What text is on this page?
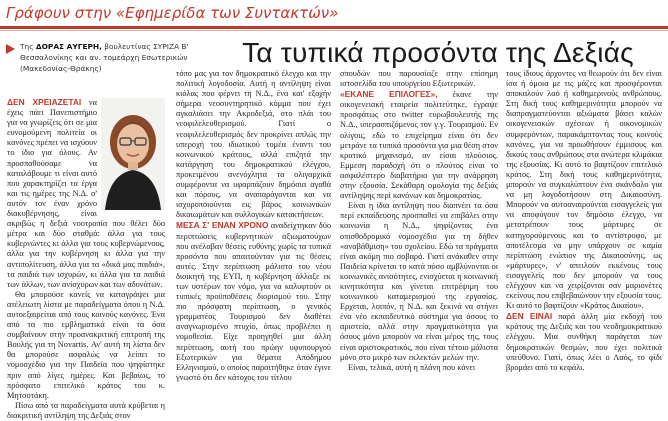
Γράφουν στην «Εφημερίδα των Συντακτών»
Της ΔΟΡΑΣ ΑΥΓΕΡΗ, βουλευτίνας ΣΥΡΙΖΑ Β' Θεσσαλονίκης και αν. τομεάρχη Εσωτερικών (Μακεδονίας-Θράκης)
Τα τυπικά προσόντα της Δεξιάς

ΔΕΝ ΧΡΕΙΑΖΕΤΑΙ να έχεις πάει Πανεπιστήμιο για να γνωρίζεις ότι σε μια ευνομούμενη πολιτεία οι κανόνες πρέπει να ισχύουν το ίδιο για όλους. Αν προσπαθούσαμε να καταλάβουμε τι είναι αυτό που χαρακτηρίζει τα έργα και τις ημέρες της Ν.Δ. σ' αυτόν τον έναν χρόνο διακυβέρνησης, είναι ακριβώς η δεξιά νοοτροπία που θέλει δύο μέτρα και δύο σταθμά: άλλα για τους κυβερνώντες κι άλλα για τους κυβερνώμενους, άλλα για την κυβέρνηση κι άλλα για την αντιπολίτευση, άλλα για τα «δικά μας παιδιά», τα παιδιά των ισχυρών, κι άλλα για τα παιδιά των άλλων, των ανίσχυρων και των αδυνάτων.

Θα μπορούσε κανείς να καταγράψει μια ατέλειωτη λίστα με παραδείγματα όπου η Ν.Δ. αυτοεξαιρείται από τους κοινούς κανόνες. Ένα από τα πιο εμβληματικά είναι τα όσα συμβαίνουν στην προανακριτική επιτροπή της Βουλής για τη Novartis. Αν' αυτή τη λίστα δεν θα μπορούσε ασφαλώς να λείπει το νομοσχέδιο για την Παιδεία που ψηφίστηκε πριν από λίγες ημέρες. Και βεβαίως, το πρόσφατο επιτελικό κράτος του κ. Μητσοτάκη.

Πίσω από τα παραδείγματα αυτά κρύβεται η διακριτική αντίληψη της Δεξιάς στον

τόπο μας για τον δημοκρατικό έλεγχο και την πολιτική λογοδοσία. Αυτή η αντίληψη είναι κιόλας που φέρνει τη Ν.Δ., ένα και' εξοχήν σήμερα νεοσυντηρητικό κόμμα που έχει αγκαλιάσει την Ακροδεξιά, στο πλάι του νεοφιλελευθερισμού. Γιατί ο νεοφιλελευθερισμός δεν προκρίνει απλώς την υπεροχή του ιδιωτικού τομέα έναντι του κοινωνικού κράτους, αλλά επιζητά την κατάργηση του δημοκρατικού ελέγχου, προκειμένου ανενόχλητα τα ολιγαρχικά συμφέροντα να υφαρπάζουν δημόσια αγαθά και πόρους, να αναπαράγονται και να ισχυροποιούνται εις βάρος κοινωνικών δικαιωμάτων και συλλογικών κατακτήσεων.

ΜΕΣΑ Σ' ΕΝΑΝ ΧΡΟΝΟ αναδείχτηκαν δύο περιπτώσεις κυβερνητικών αξιωματούχων που ανέλαβαν θέσεις ευθύνης χωρίς τα τυπικά προσόντα που απαιτούνταν για τις θέσεις αυτές. Στην περίπτωση μάλιστα του νέου διοικητή της ΕΥΠ, η κυβέρνηση άλλαξε εκ των υστέρων τον νόμο, για να καλυφτούν οι τυπικές προϋποθέσεις διορισμού του. Στην πιο πρόσφατη περίπτωση, ο γενικός γραμματέας Τουρισμού δεν διαθέτει αναγνωρισμένο πτυχίο, όπως προβλέπει η νομοθεσία. Είχε προηγηθεί μια άλλη περίπτωση, αυτή του πρώην υφυπουργού Εξωτερικών για θέματα Απόδημου Ελληνισμού, ο οποίος παραιτήθηκε όταν έγινε γνωστό ότι δεν κάτοχος του τίτλου

σπουδών που παρουσίαζε στην επίσημη ιστοσελίδα του υπουργείου Εξωτερικών.

«ΕΚΑΝΕ ΕΠΙΛΟΓΕΣ», έκανε την οικογενειακή εταιρεία πολιτεύτηκε, έγραψε προσφάτως στο twitter ευρωβουλευτής της Ν.Δ., υπερασπιζόμενος τον γ.γ. Τουρισμού. Εν ολίγοις, εδώ το επιχείρημα είναι ότι δεν μετράνε τα τυπικά προσόντα για μια θέση στον κρατικό μηχανισμό, αν είσαι πλούσιος. Εμμεση παραδοχή ότι ο πλούτος είναι το ασφαλέστερο διαβατήριο για την ανάρρηση στην εξουσία. Σεκάθαρη ομολογία της δεξιάς αντίληψης περί κανόνων και δημοκρατίας.

Είναι η ίδια αντίληψη που διαπνέει τα όσα περί εκπαίδευσης προσπαθεί να επιβάλει στην κοινωνία η Ν.Δ., ψηφίζοντας ένα οπισθοδρομικό νομοσχέδιο για τη δήθεν «αναβάθμιση» του σχολείου. Εδώ τα πράγματα είναι ακόμη πιο σοβαρά. Γιατί ανάκαθεν στην Παιδεία κρίνεται το κατά πόσο αμβλύνονται οι κοινωνικές ανισότητες, ενισχύεται η κοινωνική κινητικότητα και γίνεται επιτρέψιμη του κοινωνικού καταμερισμού της εργασίας. Ερχεται, λοιπόν, η Ν.Δ. και ξεκινά να στήνει ένα νέο εκπαιδευτικό σύστημα για όσους το αριστεία, αλλά στην πραγματικότητα για όσους μόνο μπορούν να είναι μέρος της, τους είναι αριστοκρατικός, που είναι τέτοιο μάλιστα μόνο στο μικρό των εκλεκτών μελών την.

Είναι, τελικά, αυτή η πλάνη που κάνει

τους ίδιους άρχοντες να θεωρούν ότι δεν είναι ίσα ή όμοια με τις μάζες και προσφέρονται αποκαλούν λαό ή καθημερινούς ανθρώπους. Στη δική τους καθημερινότητα μπορούν να διαπραγματεύονται αξιώματα βάσει καλών οικογενειακών σχέσεων ή οικονομικών συμφερόντων, παρακάμπτοντας τους κοινούς κανόνες, για να προωθήσουν έμμισους και δικούς τους ανθρώπους στα ανώτερα κλιμάκια της εξουσίας. Κι αυτό το βαφτίζουν επιτελικό κράτος. Στη δική τους καθημερινότητα, μπορούν να συγκαλύπτουν ένα σκάνδαλο για να μη λογοδοτήσουν στη Δικαιοσύνη. Μπορούν να αυτοαναιρούνται εισαγγελείς για να αποφύγουν τον δημόσιο έλεγχο, να μετατρέπουν τους μάρτυρες σε κατηγορούμενους και το αντίστροφο, με αποτέλεσμα να μην υπάρχουν σε καμία περίπτωση ενώπιον της Δικαιοσύνης, ως «μάρτυρες», ν' απειλούν εκκένους τους εισαγγελείς που δεν μπορούν να τους ελέγχουν και να χειρίζονται σαν μαριονέτες εκείνους που επιβεβαιώνουν την εξουσία τους. Κι αυτό το βαφτίζουν «Κράτος Δικαίου».

ΔΕΝ ΕΙΝΑΙ παρά άλλη μία εκδοχή του κράτους της Δεξιάς και του νεοδημοκρατικού ελέγχου. Μια συνθήκη παράγεται των δημοκρατικών θεσμών, που έχει πολιτικά υπεύθυνο. Γιατί, όπως λέει ο Λαός, το φίδι βρομάει από το κεφάλι.
